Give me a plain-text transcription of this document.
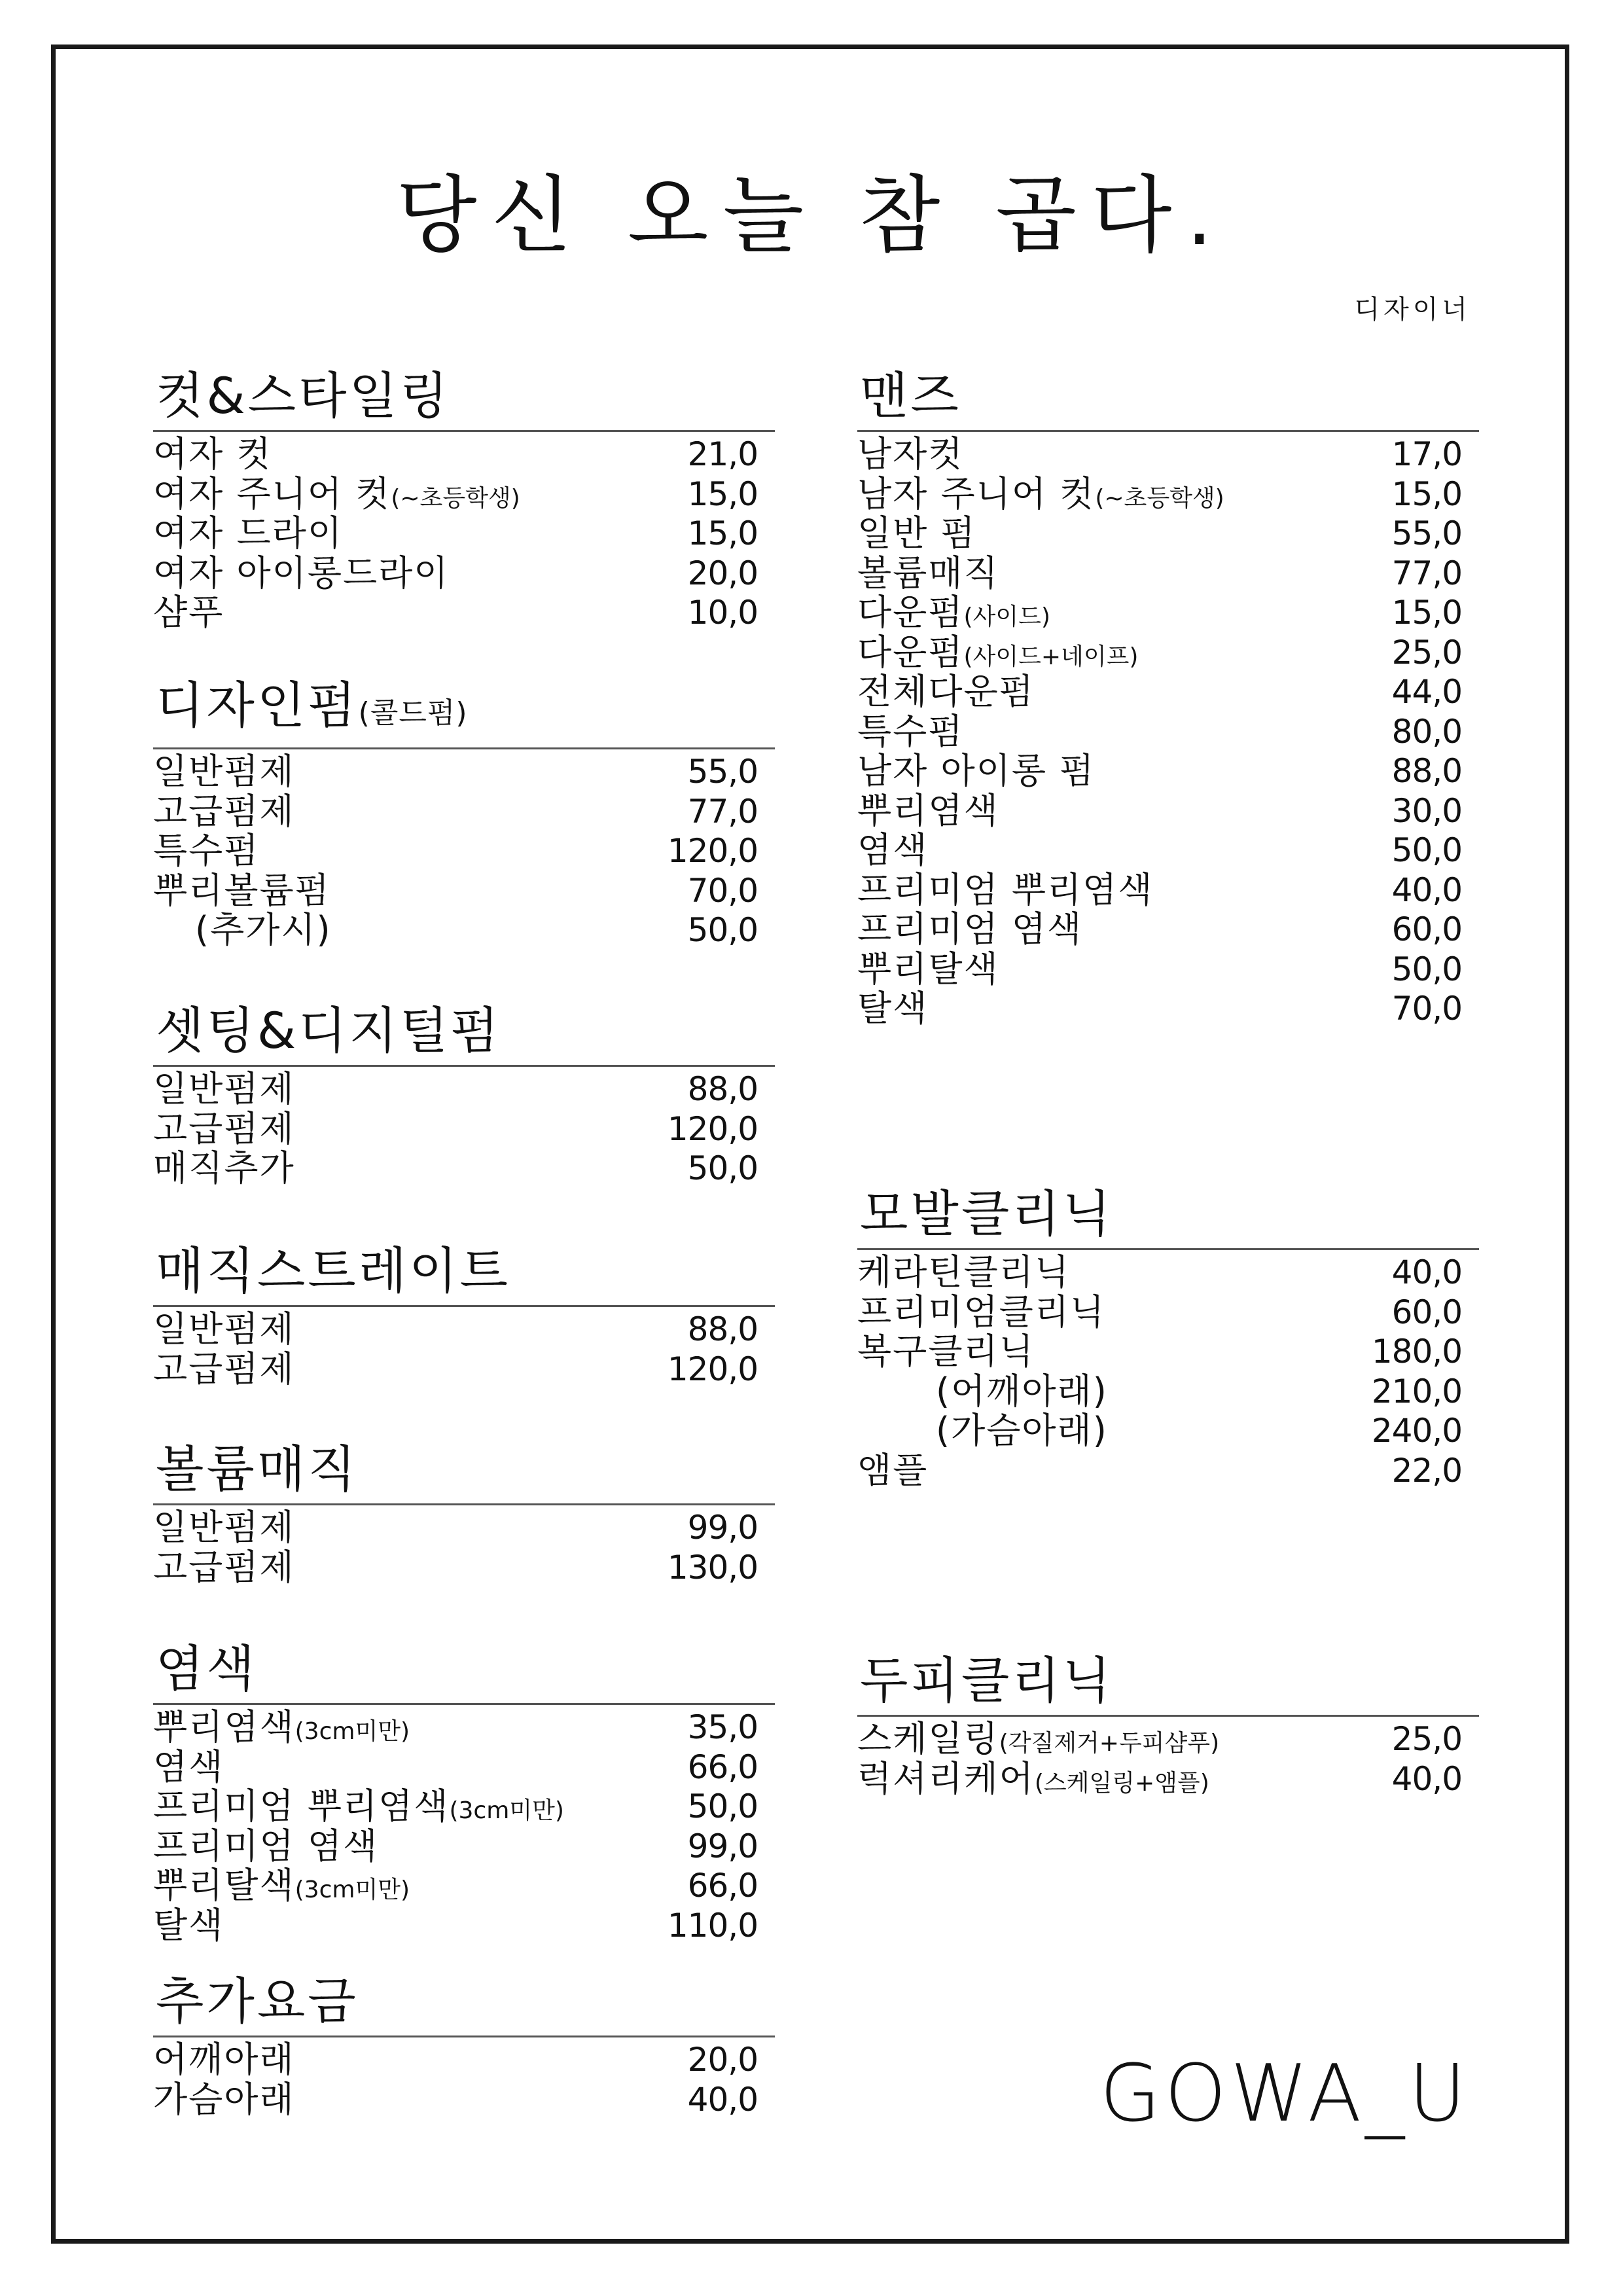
당신 오늘 참 곱다.
디자이너
컷&스타일링
여자 컷	21,0
여자 주니어 컷(~초등학생)	15,0
여자 드라이	15,0
여자 아이롱드라이	20,0
샴푸	10,0
디자인펌(콜드펌)
일반펌제	55,0
고급펌제	77,0
특수펌	120,0
뿌리볼륨펌	70,0
(추가시)	50,0
셋팅&디지털펌
일반펌제	88,0
고급펌제	120,0
매직추가	50,0
매직스트레이트
일반펌제	88,0
고급펌제	120,0
볼륨매직
일반펌제	99,0
고급펌제	130,0
염색
뿌리염색(3cm미만)	35,0
염색	66,0
프리미엄 뿌리염색(3cm미만)	50,0
프리미엄 염색	99,0
뿌리탈색(3cm미만)	66,0
탈색	110,0
추가요금
어깨아래	20,0
가슴아래	40,0
맨즈
남자컷	17,0
남자 주니어 컷(~초등학생)	15,0
일반 펌	55,0
볼륨매직	77,0
다운펌(사이드)	15,0
다운펌(사이드+네이프)	25,0
전체다운펌	44,0
특수펌	80,0
남자 아이롱 펌	88,0
뿌리염색	30,0
염색	50,0
프리미엄 뿌리염색	40,0
프리미엄 염색	60,0
뿌리탈색	50,0
탈색	70,0
모발클리닉
케라틴클리닉	40,0
프리미엄클리닉	60,0
복구클리닉	180,0
(어깨아래)	210,0
(가슴아래)	240,0
앰플	22,0
두피클리닉
스케일링(각질제거+두피샴푸)	25,0
럭셔리케어(스케일링+앰플)	40,0
GOWA_U
